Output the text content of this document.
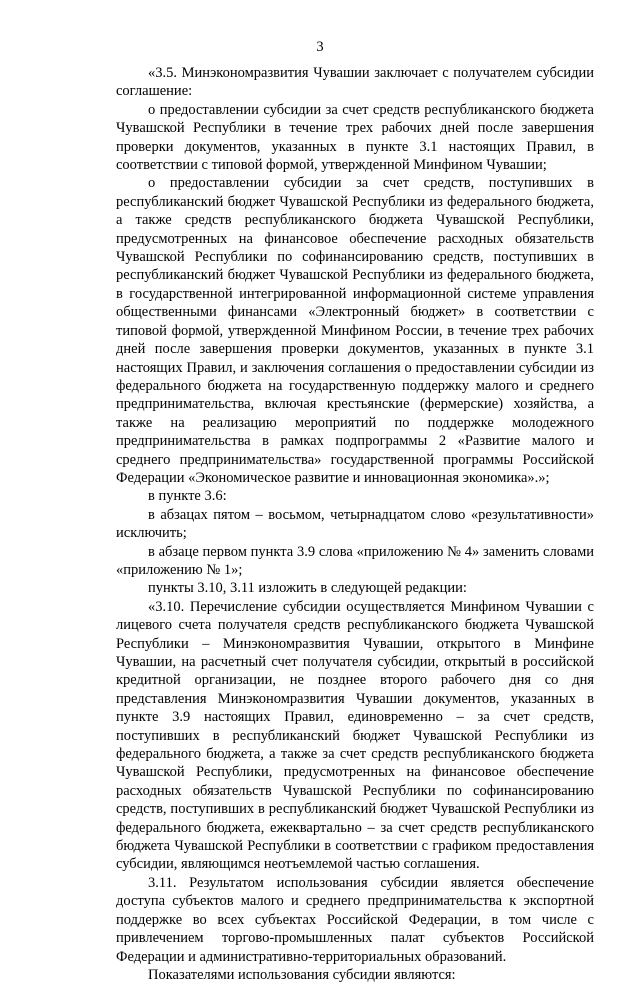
3

«3.5. Минэкономразвития Чувашии заключает с получателем субсидии соглашение:

о предоставлении субсидии за счет средств республиканского бюджета Чувашской Республики в течение трех рабочих дней после завершения проверки документов, указанных в пункте 3.1 настоящих Правил, в соответствии с типовой формой, утвержденной Минфином Чувашии;

о предоставлении субсидии за счет средств, поступивших в республиканский бюджет Чувашской Республики из федерального бюджета, а также средств республиканского бюджета Чувашской Республики, предусмотренных на финансовое обеспечение расходных обязательств Чувашской Республики по софинансированию средств, поступивших в республиканский бюджет Чувашской Республики из федерального бюджета, в государственной интегрированной информационной системе управления общественными финансами «Электронный бюджет» в соответствии с типовой формой, утвержденной Минфином России, в течение трех рабочих дней после завершения проверки документов, указанных в пункте 3.1 настоящих Правил, и заключения соглашения о предоставлении субсидии из федерального бюджета на государственную поддержку малого и среднего предпринимательства, включая крестьянские (фермерские) хозяйства, а также на реализацию мероприятий по поддержке молодежного предпринимательства в рамках подпрограммы 2 «Развитие малого и среднего предпринимательства» государственной программы Российской Федерации «Экономическое развитие и инновационная экономика».»;

в пункте 3.6:

в абзацах пятом – восьмом, четырнадцатом слово «результативности» исключить;

в абзаце первом пункта 3.9 слова «приложению № 4» заменить словами «приложению № 1»;

пункты 3.10, 3.11 изложить в следующей редакции:

«3.10. Перечисление субсидии осуществляется Минфином Чувашии с лицевого счета получателя средств республиканского бюджета Чувашской Республики – Минэкономразвития Чувашии, открытого в Минфине Чувашии, на расчетный счет получателя субсидии, открытый в российской кредитной организации, не позднее второго рабочего дня со дня представления Минэкономразвития Чувашии документов, указанных в пункте 3.9 настоящих Правил, единовременно – за счет средств, поступивших в республиканский бюджет Чувашской Республики из федерального бюджета, а также за счет средств республиканского бюджета Чувашской Республики, предусмотренных на финансовое обеспечение расходных обязательств Чувашской Республики по софинансированию средств, поступивших в республиканский бюджет Чувашской Республики из федерального бюджета, ежеквартально – за счет средств республиканского бюджета Чувашской Республики в соответствии с графиком предоставления субсидии, являющимся неотъемлемой частью соглашения.

3.11. Результатом использования субсидии является обеспечение доступа субъектов малого и среднего предпринимательства к экспортной поддержке во всех субъектах Российской Федерации, в том числе с привлечением торгово-промышленных палат субъектов Российской Федерации и административно-территориальных образований.

Показателями использования субсидии являются:
